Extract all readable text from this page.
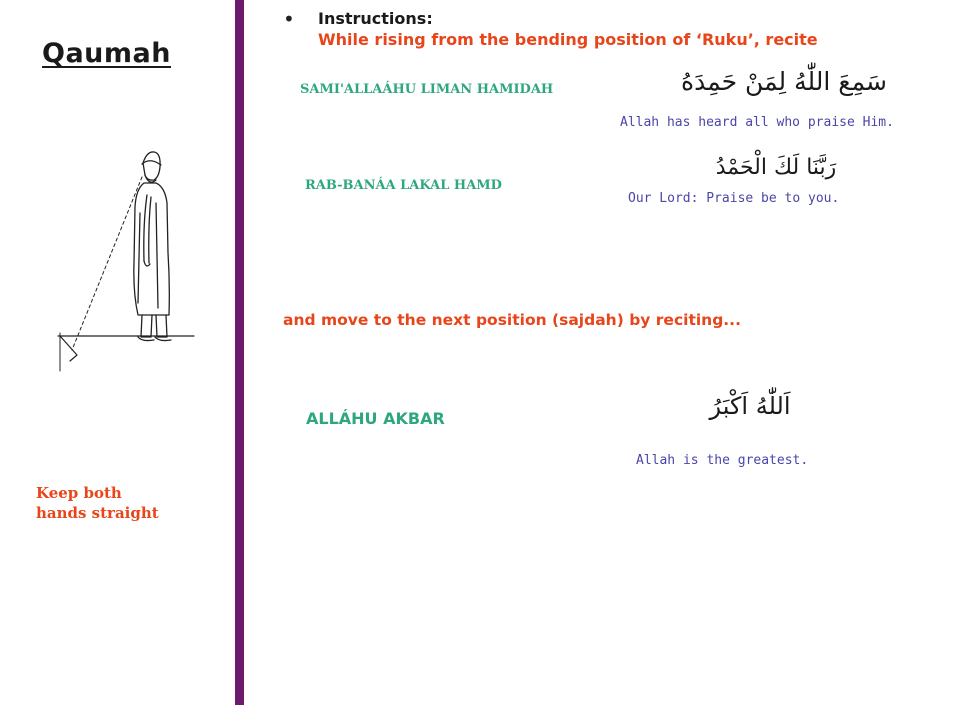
Qaumah
Keep both hands straight
• Instructions:
While rising from the bending position of ‘Ruku’, recite
SAMI'ALLAÁHU LIMAN HAMIDAH	سَمِعَ اللّٰهُ لِمَنْ حَمِدَهُ
Allah has heard all who praise Him.
RAB-BANÁA LAKAL HAMD
رَبَّنَا لَكَ الْحَمْدُ
Our Lord: Praise be to you.
and move to the next position (sajdah) by reciting...
ALLÁHU AKBAR	اَللّٰهُ اَكْبَرُ
Allah is the greatest.
